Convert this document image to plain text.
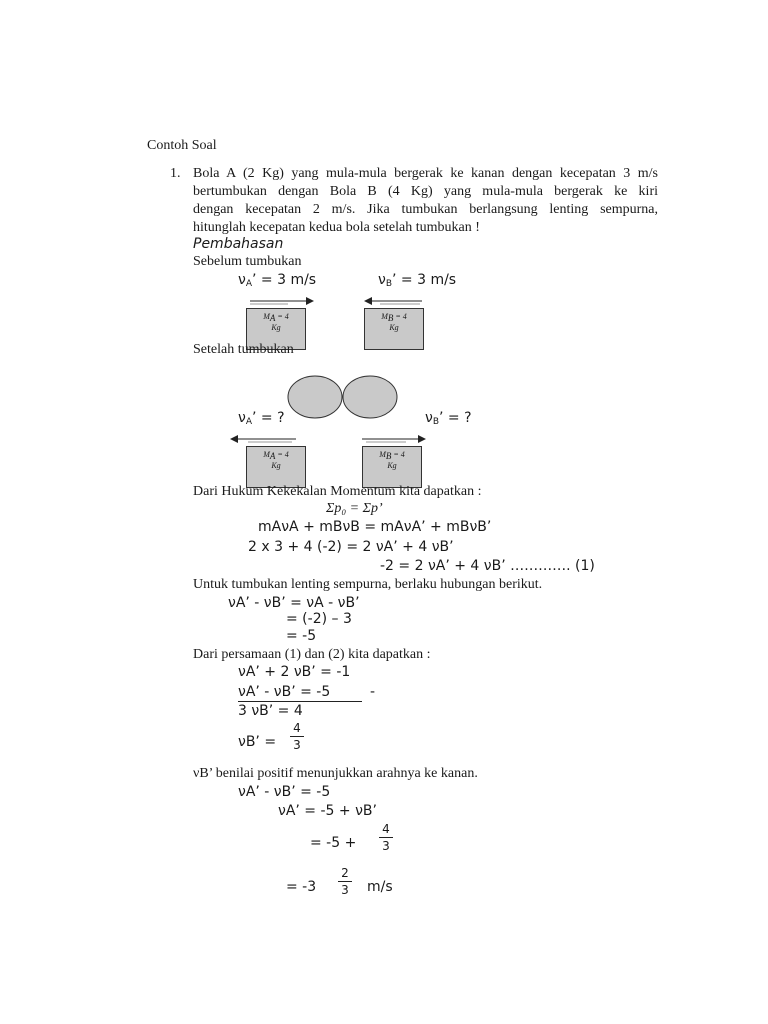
Contoh Soal
1. Bola A (2 Kg) yang mula-mula bergerak ke kanan dengan kecepatan 3 m/s
bertumbukan dengan Bola B (4 Kg) yang mula-mula bergerak ke kiri
dengan kecepatan 2 m/s. Jika tumbukan berlangsung lenting sempurna,
hitunglah kecepatan kedua bola setelah tumbukan !
Pembahasan
Sebelum tumbukan
$\nu_A$’ = 3 m/s	$\nu_B$’ = 3 m/s
$M_A = 4$
Kg
$M_B = 4$
Kg
Setelah tumbukan
$\nu_A$’ = ?	$\nu_B$’ = ?
$M_A = 4$
Kg
$M_B = 4$
Kg
Dari Hukum Kekekalan Momentum kita dapatkan :
Σp₀ = Σp’
mAνA + mBνB = mAνA’ + mBνB’
2 x 3 + 4 (-2) = 2 νA’ + 4 νB’
-2 = 2 νA’ + 4 νB’ …………. (1)
Untuk tumbukan lenting sempurna, berlaku hubungan berikut.
νA’ - νB’ = νA - νB’
= (-2) – 3
= -5
Dari persamaan (1) dan (2) kita dapatkan :
νA’ + 2 νB’ = -1
νA’ - νB’ = -5	-
3 νB’ = 4
νB’ = $\frac{4}{3}$
νB’ benilai positif menunjukkan arahnya ke kanan.
νA’ - νB’ = -5
νA’ = -5 + νB’
= $-5 + \frac{4}{3}$
= $-3 \frac{2}{3} m/s$
